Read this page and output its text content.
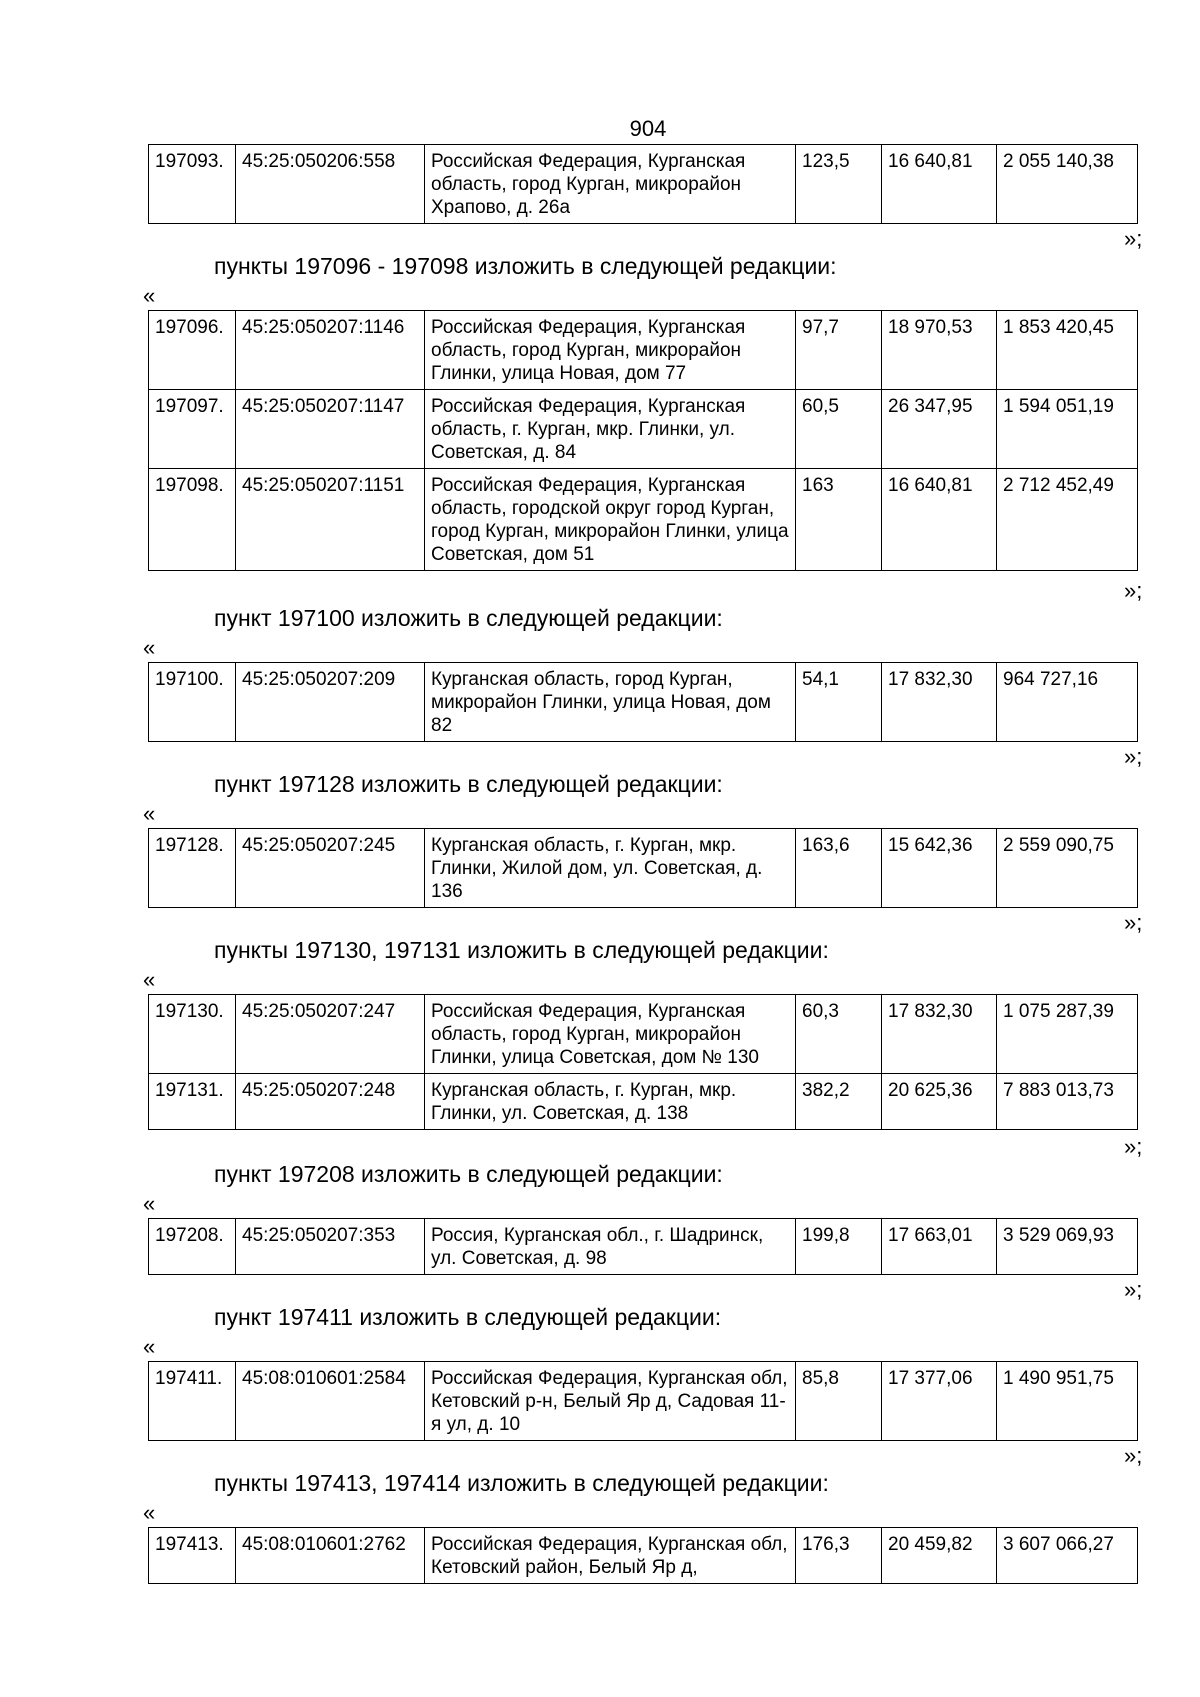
904
197093.	45:25:050206:558	Российская Федерация, Курганская область, город Курган, микрорайон Храпово, д. 26а	123,5	16 640,81	2 055 140,38
»;
пункты 197096 - 197098 изложить в следующей редакции:
«
197096.	45:25:050207:1146	Российская Федерация, Курганская область, город Курган, микрорайон Глинки, улица Новая, дом 77	97,7	18 970,53	1 853 420,45
197097.	45:25:050207:1147	Российская Федерация, Курганская область, г. Курган, мкр. Глинки, ул. Советская, д. 84	60,5	26 347,95	1 594 051,19
197098.	45:25:050207:1151	Российская Федерация, Курганская область, городской округ город Курган, город Курган, микрорайон Глинки, улица Советская, дом 51	163	16 640,81	2 712 452,49
»;
пункт 197100 изложить в следующей редакции:
«
197100.	45:25:050207:209	Курганская область, город Курган, микрорайон Глинки, улица Новая, дом 82	54,1	17 832,30	964 727,16
»;
пункт 197128 изложить в следующей редакции:
«
197128.	45:25:050207:245	Курганская область, г. Курган, мкр. Глинки, Жилой дом, ул. Советская, д. 136	163,6	15 642,36	2 559 090,75
»;
пункты 197130, 197131 изложить в следующей редакции:
«
197130.	45:25:050207:247	Российская Федерация, Курганская область, город Курган, микрорайон Глинки, улица Советская, дом № 130	60,3	17 832,30	1 075 287,39
197131.	45:25:050207:248	Курганская область, г. Курган, мкр. Глинки, ул. Советская, д. 138	382,2	20 625,36	7 883 013,73
»;
пункт 197208 изложить в следующей редакции:
«
197208.	45:25:050207:353	Россия, Курганская обл., г. Шадринск, ул. Советская, д. 98	199,8	17 663,01	3 529 069,93
»;
пункт 197411 изложить в следующей редакции:
«
197411.	45:08:010601:2584	Российская Федерация, Курганская обл, Кетовский р-н, Белый Яр д, Садовая 11-я ул, д. 10	85,8	17 377,06	1 490 951,75
»;
пункты 197413, 197414 изложить в следующей редакции:
«
197413.	45:08:010601:2762	Российская Федерация, Курганская обл, Кетовский район, Белый Яр д,	176,3	20 459,82	3 607 066,27
